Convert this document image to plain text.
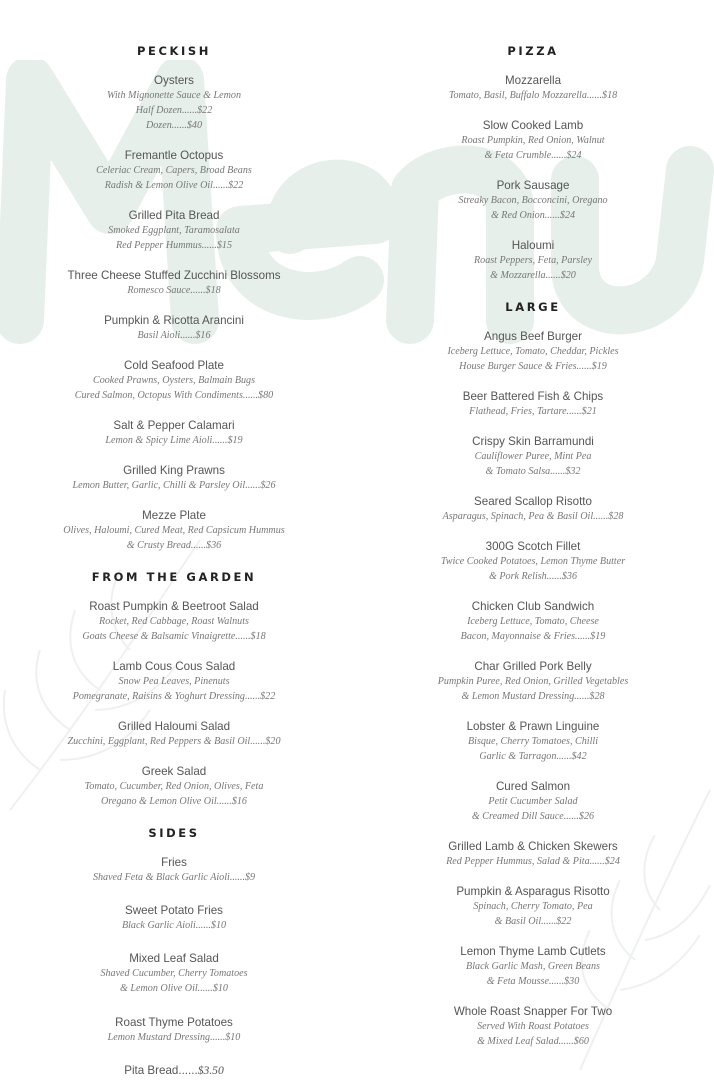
PECKISH
Oysters
With Mignonette Sauce & Lemon
Half Dozen......$22
Dozen......$40
Fremantle Octopus
Celeriac Cream, Capers, Broad Beans
Radish & Lemon Olive Oil......$22
Grilled Pita Bread
Smoked Eggplant, Taramosalata
Red Pepper Hummus......$15
Three Cheese Stuffed Zucchini Blossoms
Romesco Sauce......$18
Pumpkin & Ricotta Arancini
Basil Aioli......$16
Cold Seafood Plate
Cooked Prawns, Oysters, Balmain Bugs
Cured Salmon, Octopus With Condiments......$80
Salt & Pepper Calamari
Lemon & Spicy Lime Aioli......$19
Grilled King Prawns
Lemon Butter, Garlic, Chilli & Parsley Oil......$26
Mezze Plate
Olives, Haloumi, Cured Meat, Red Capsicum Hummus
& Crusty Bread......$36
FROM THE GARDEN
Roast Pumpkin & Beetroot Salad
Rocket, Red Cabbage, Roast Walnuts
Goats Cheese & Balsamic Vinaigrette......$18
Lamb Cous Cous Salad
Snow Pea Leaves, Pinenuts
Pomegranate, Raisins & Yoghurt Dressing......$22
Grilled Haloumi Salad
Zucchini, Eggplant, Red Peppers & Basil Oil......$20
Greek Salad
Tomato, Cucumber, Red Onion, Olives, Feta
Oregano & Lemon Olive Oil......$16
SIDES
Fries
Shaved Feta & Black Garlic Aioli......$9
Sweet Potato Fries
Black Garlic Aioli......$10
Mixed Leaf Salad
Shaved Cucumber, Cherry Tomatoes
& Lemon Olive Oil......$10
Roast Thyme Potatoes
Lemon Mustard Dressing......$10
Pita Bread......$3.50
PIZZA
Mozzarella
Tomato, Basil, Buffalo Mozzarella......$18
Slow Cooked Lamb
Roast Pumpkin, Red Onion, Walnut
& Feta Crumble......$24
Pork Sausage
Streaky Bacon, Bocconcini, Oregano
& Red Onion......$24
Haloumi
Roast Peppers, Feta, Parsley
& Mozzarella......$20
LARGE
Angus Beef Burger
Iceberg Lettuce, Tomato, Cheddar, Pickles
House Burger Sauce & Fries......$19
Beer Battered Fish & Chips
Flathead, Fries, Tartare......$21
Crispy Skin Barramundi
Cauliflower Puree, Mint Pea
& Tomato Salsa......$32
Seared Scallop Risotto
Asparagus, Spinach, Pea & Basil Oil......$28
300G Scotch Fillet
Twice Cooked Potatoes, Lemon Thyme Butter
& Pork Relish......$36
Chicken Club Sandwich
Iceberg Lettuce, Tomato, Cheese
Bacon, Mayonnaise & Fries......$19
Char Grilled Pork Belly
Pumpkin Puree, Red Onion, Grilled Vegetables
& Lemon Mustard Dressing......$28
Lobster & Prawn Linguine
Bisque, Cherry Tomatoes, Chilli
Garlic & Tarragon......$42
Cured Salmon
Petit Cucumber Salad
& Creamed Dill Sauce......$26
Grilled Lamb & Chicken Skewers
Red Pepper Hummus, Salad & Pita......$24
Pumpkin & Asparagus Risotto
Spinach, Cherry Tomato, Pea
& Basil Oil......$22
Lemon Thyme Lamb Cutlets
Black Garlic Mash, Green Beans
& Feta Mousse......$30
Whole Roast Snapper For Two
Served With Roast Potatoes
& Mixed Leaf Salad......$60
